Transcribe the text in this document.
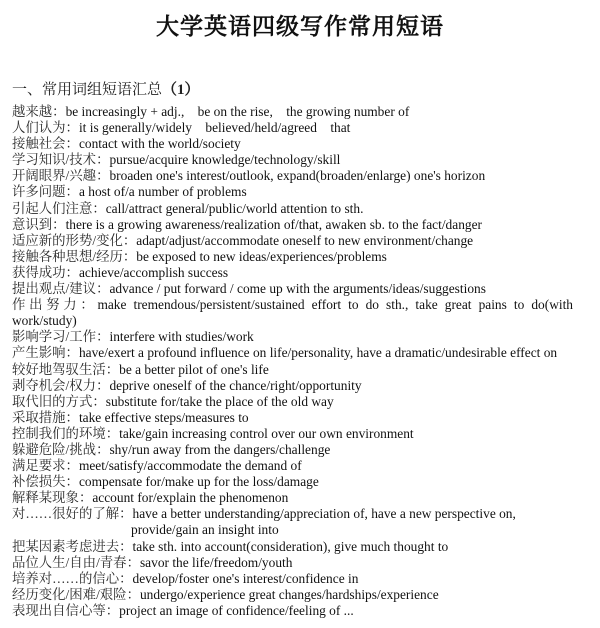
大学英语四级写作常用短语
一、常用词组短语汇总（1）
越来越：be increasingly + adj.,    be on the rise,    the growing number of
人们认为：it is generally/widely    believed/held/agreed    that
接触社会：contact with the world/society
学习知识/技术：pursue/acquire knowledge/technology/skill
开阔眼界/兴趣：broaden one's interest/outlook, expand(broaden/enlarge) one's horizon
许多问题：a host of/a number of problems
引起人们注意：call/attract general/public/world attention to sth.
意识到：there is a growing awareness/realization of/that, awaken sb. to the fact/danger
适应新的形势/变化：adapt/adjust/accommodate oneself to new environment/change
接触各种思想/经历：be exposed to new ideas/experiences/problems
获得成功：achieve/accomplish success
提出观点/建议：advance / put forward / come up with the arguments/ideas/suggestions
作出努力：make tremendous/persistent/sustained effort to do sth., take great pains to do(with work/study)
影响学习/工作：interfere with studies/work
产生影响：have/exert a profound influence on life/personality, have a dramatic/undesirable effect on
较好地驾驭生活：be a better pilot of one's life
剥夺机会/权力：deprive oneself of the chance/right/opportunity
取代旧的方式：substitute for/take the place of the old way
采取措施：take effective steps/measures to
控制我们的环境：take/gain increasing control over our own environment
躲避危险/挑战：shy/run away from the dangers/challenge
满足要求：meet/satisfy/accommodate the demand of
补偿损失：compensate for/make up for the loss/damage
解释某现象：account for/explain the phenomenon
对……很好的了解：have a better understanding/appreciation of, have a new perspective on,
provide/gain an insight into
把某因素考虑进去：take sth. into account(consideration), give much thought to
品位人生/自由/青春：savor the life/freedom/youth
培养对……的信心：develop/foster one's interest/confidence in
经历变化/困难/艰险：undergo/experience great changes/hardships/experience
表现出自信心等：project an image of confidence/feeling of ...
